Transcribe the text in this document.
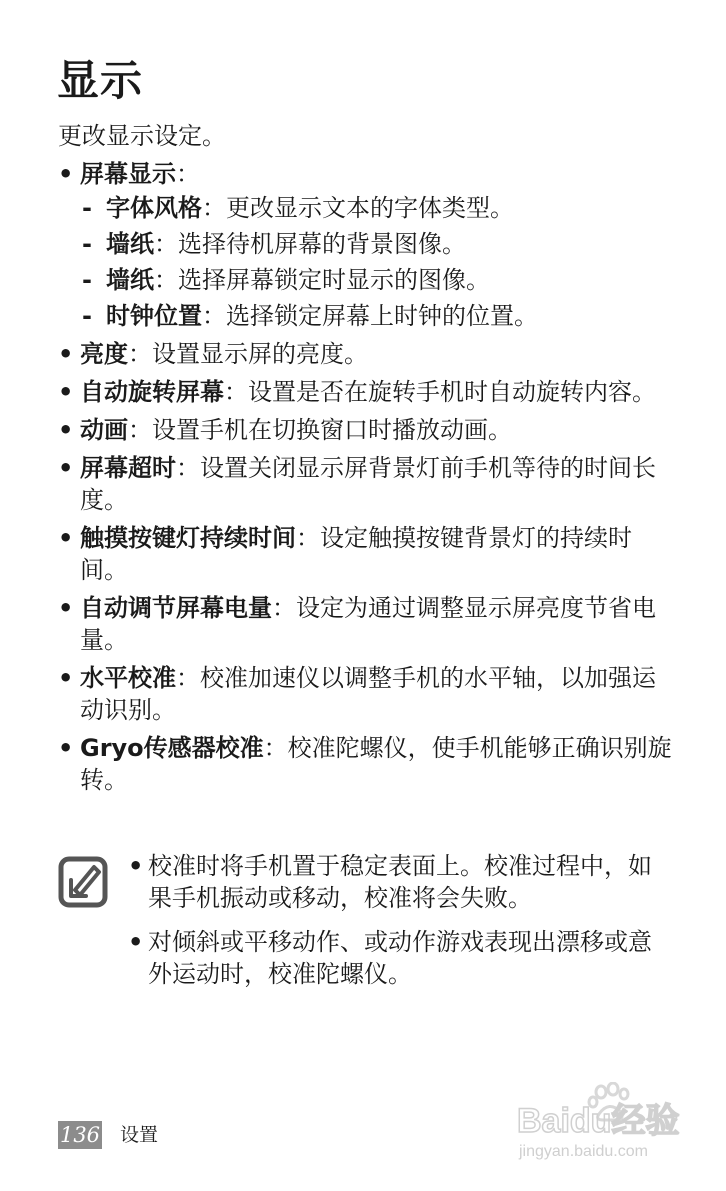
显示

更改显示设定。

• 屏幕显示：
- 字体风格：更改显示文本的字体类型。
- 墙纸：选择待机屏幕的背景图像。
- 墙纸：选择屏幕锁定时显示的图像。
- 时钟位置：选择锁定屏幕上时钟的位置。
• 亮度：设置显示屏的亮度。
• 自动旋转屏幕：设置是否在旋转手机时自动旋转内容。
• 动画：设置手机在切换窗口时播放动画。
• 屏幕超时：设置关闭显示屏背景灯前手机等待的时间长度。
• 触摸按键灯持续时间：设定触摸按键背景灯的持续时间。
• 自动调节屏幕电量：设定为通过调整显示屏亮度节省电量。
• 水平校准：校准加速仪以调整手机的水平轴，以加强运动识别。
• Gryo传感器校准：校准陀螺仪，使手机能够正确识别旋转。
• 校准时将手机置于稳定表面上。校准过程中，如果手机振动或移动，校准将会失败。
• 对倾斜或平移动作、或动作游戏表现出漂移或意外运动时，校准陀螺仪。
136 设置	Baidu经验
jingyan.baidu.com
